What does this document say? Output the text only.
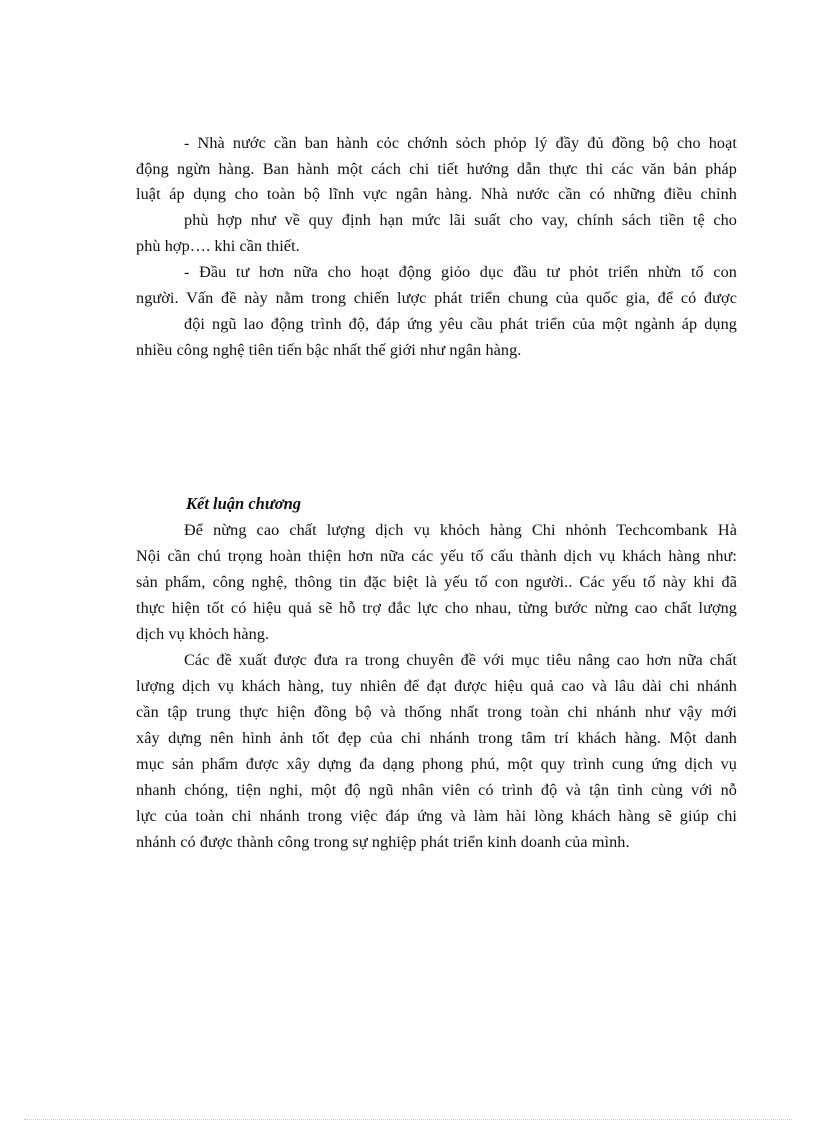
- Nhà nước cần ban hành cỏc chớnh sỏch phỏp lý đầy đủ đồng bộ cho hoạt
động ngừn hàng. Ban hành một cách chi tiết hướng dẫn thực thi các văn bản pháp
luật áp dụng cho toàn bộ lĩnh vực ngân hàng. Nhà nước cần có những điều chỉnh
phù hợp như về quy định hạn mức lãi suất cho vay, chính sách tiền tệ cho
phù hợp…. khi cần thiết.
- Đầu tư hơn nữa cho hoạt động giỏo dục đầu tư phỏt triển nhừn tố con
người. Vấn đề này nằm trong chiến lược phát triển chung của quốc gia, để có được
đội ngũ lao động trình độ, đáp ứng yêu cầu phát triển của một ngành áp dụng
nhiều công nghệ tiên tiến bậc nhất thế giới như ngân hàng.
Kết luận chương
Để nừng cao chất lượng dịch vụ khỏch hàng Chi nhỏnh Techcombank Hà
Nội cần chú trọng hoàn thiện hơn nữa các yếu tố cấu thành dịch vụ khách hàng như:
sản phẩm, công nghệ, thông tin đặc biệt là yếu tố con người.. Các yếu tố này khi đã
thực hiện tốt có hiệu quả sẽ hỗ trợ đắc lực cho nhau, từng bước nừng cao chất lượng
dịch vụ khỏch hàng.
Các đề xuất được đưa ra trong chuyên đề với mục tiêu nâng cao hơn nữa chất
lượng dịch vụ khách hàng, tuy nhiên để đạt được hiệu quả cao và lâu dài chi nhánh
cần tập trung thực hiện đồng bộ và thống nhất trong toàn chi nhánh như vậy mới
xây dựng nên hình ảnh tốt đẹp của chi nhánh trong tâm trí khách hàng. Một danh
mục sản phẩm được xây dựng đa dạng phong phú, một quy trình cung ứng dịch vụ
nhanh chóng, tiện nghi, một độ ngũ nhân viên có trình độ và tận tình cùng với nỗ
lực của toàn chi nhánh trong việc đáp ứng và làm hài lòng khách hàng sẽ giúp chi
nhánh có được thành công trong sự nghiệp phát triển kinh doanh của mình.
